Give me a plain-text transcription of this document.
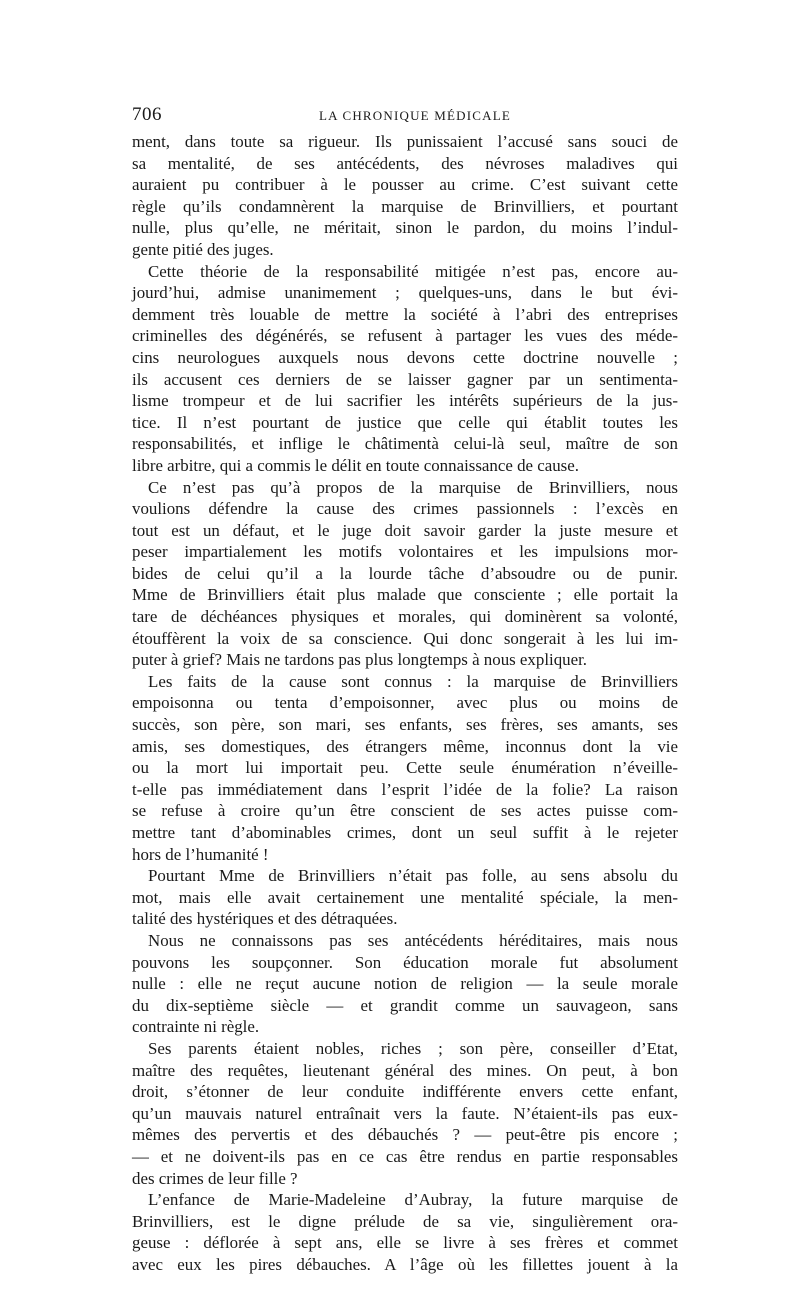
706	LA CHRONIQUE MÉDICALE
ment, dans toute sa rigueur. Ils punissaient l’accusé sans souci de
sa mentalité, de ses antécédents, des névroses maladives qui
auraient pu contribuer à le pousser au crime. C’est suivant cette
règle qu’ils condamnèrent la marquise de Brinvilliers, et pourtant
nulle, plus qu’elle, ne méritait, sinon le pardon, du moins l’indul-
gente pitié des juges.
Cette théorie de la responsabilité mitigée n’est pas, encore au-
jourd’hui, admise unanimement ; quelques-uns, dans le but évi-
demment très louable de mettre la société à l’abri des entreprises
criminelles des dégénérés, se refusent à partager les vues des méde-
cins neurologues auxquels nous devons cette doctrine nouvelle ;
ils accusent ces derniers de se laisser gagner par un sentimenta-
lisme trompeur et de lui sacrifier les intérêts supérieurs de la jus-
tice. Il n’est pourtant de justice que celle qui établit toutes les
responsabilités, et inflige le châtimentà celui-là seul, maître de son
libre arbitre, qui a commis le délit en toute connaissance de cause.
Ce n’est pas qu’à propos de la marquise de Brinvilliers, nous
voulions défendre la cause des crimes passionnels : l’excès en
tout est un défaut, et le juge doit savoir garder la juste mesure et
peser impartialement les motifs volontaires et les impulsions mor-
bides de celui qu’il a la lourde tâche d’absoudre ou de punir.
Mme de Brinvilliers était plus malade que consciente ; elle portait la
tare de déchéances physiques et morales, qui dominèrent sa volonté,
étouffèrent la voix de sa conscience. Qui donc songerait à les lui im-
puter à grief? Mais ne tardons pas plus longtemps à nous expliquer.
Les faits de la cause sont connus : la marquise de Brinvilliers
empoisonna ou tenta d’empoisonner, avec plus ou moins de
succès, son père, son mari, ses enfants, ses frères, ses amants, ses
amis, ses domestiques, des étrangers même, inconnus dont la vie
ou la mort lui importait peu. Cette seule énumération n’éveille-
t-elle pas immédiatement dans l’esprit l’idée de la folie? La raison
se refuse à croire qu’un être conscient de ses actes puisse com-
mettre tant d’abominables crimes, dont un seul suffit à le rejeter
hors de l’humanité !
Pourtant Mme de Brinvilliers n’était pas folle, au sens absolu du
mot, mais elle avait certainement une mentalité spéciale, la men-
talité des hystériques et des détraquées.
Nous ne connaissons pas ses antécédents héréditaires, mais nous
pouvons les soupçonner. Son éducation morale fut absolument
nulle : elle ne reçut aucune notion de religion — la seule morale
du dix-septième siècle — et grandit comme un sauvageon, sans
contrainte ni règle.
Ses parents étaient nobles, riches ; son père, conseiller d’Etat,
maître des requêtes, lieutenant général des mines. On peut, à bon
droit, s’étonner de leur conduite indifférente envers cette enfant,
qu’un mauvais naturel entraînait vers la faute. N’étaient-ils pas eux-
mêmes des pervertis et des débauchés ? — peut-être pis encore ;
— et ne doivent-ils pas en ce cas être rendus en partie responsables
des crimes de leur fille ?
L’enfance de Marie-Madeleine d’Aubray, la future marquise de
Brinvilliers, est le digne prélude de sa vie, singulièrement ora-
geuse : déflorée à sept ans, elle se livre à ses frères et commet
avec eux les pires débauches. A l’âge où les fillettes jouent à la
